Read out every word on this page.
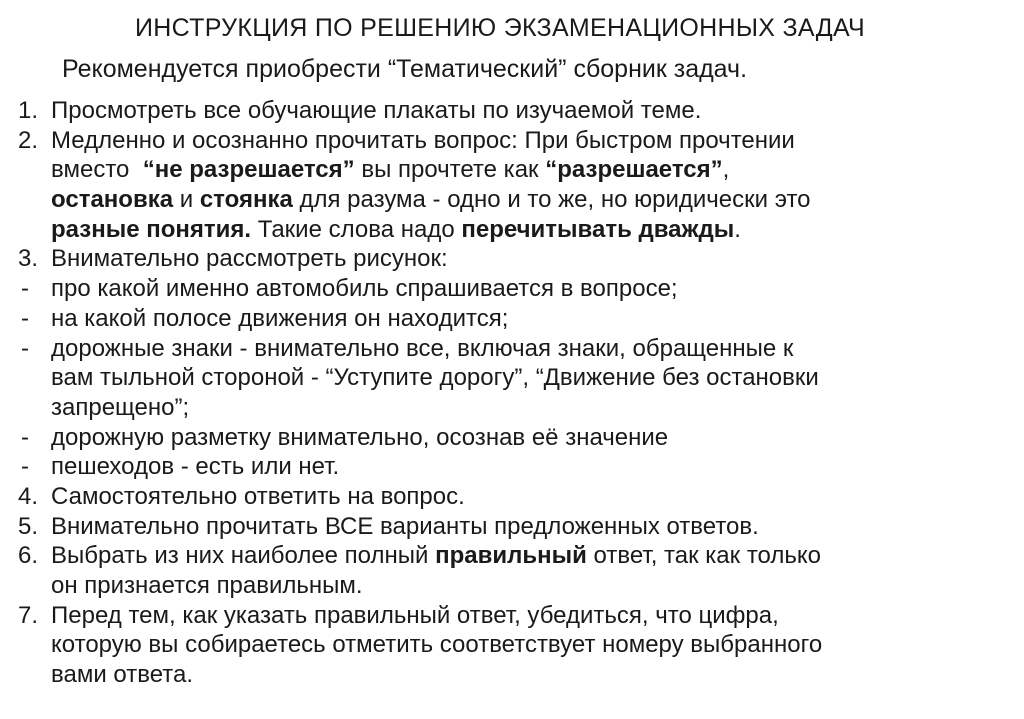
ИНСТРУКЦИЯ ПО РЕШЕНИЮ ЭКЗАМЕНАЦИОННЫХ ЗАДАЧ
Рекомендуется приобрести “Тематический” сборник задач.
1. Просмотреть все обучающие плакаты по изучаемой теме.
2. Медленно и осознанно прочитать вопрос: При быстром прочтении
вместо  “не разрешается” вы прочтете как “разрешается”,
остановка и стоянка для разума - одно и то же, но юридически это
разные понятия. Такие слова надо перечитывать дважды.
3. Внимательно рассмотреть рисунок:
- про какой именно автомобиль спрашивается в вопросе;
- на какой полосе движения он находится;
- дорожные знаки - внимательно все, включая знаки, обращенные к
вам тыльной стороной - “Уступите дорогу”, “Движение без остановки
запрещено”;
- дорожную разметку внимательно, осознав её значение
- пешеходов - есть или нет.
4. Самостоятельно ответить на вопрос.
5. Внимательно прочитать ВСЕ варианты предложенных ответов.
6. Выбрать из них наиболее полный правильный ответ, так как только
он признается правильным.
7. Перед тем, как указать правильный ответ, убедиться, что цифра,
которую вы собираетесь отметить соответствует номеру выбранного
вами ответа.
